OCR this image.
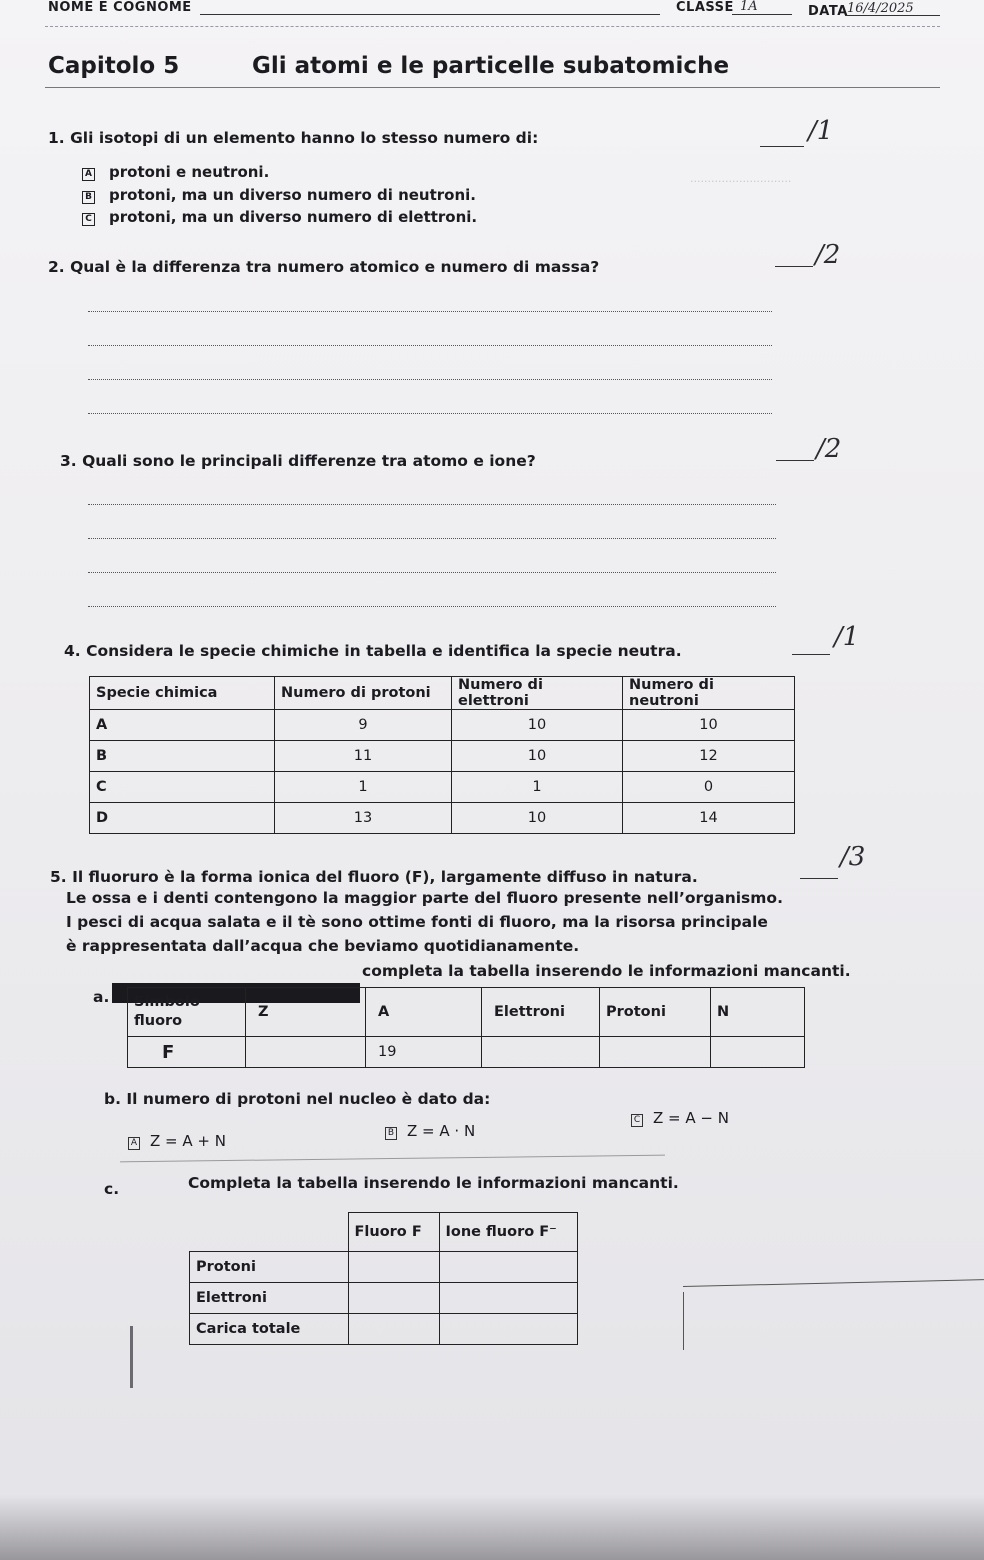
·····························
NOME E COGNOME	CLASSE 1A	DATA 16/4/2025
Capitolo 5	Gli atomi e le particelle subatomiche
1. Gli isotopi di un elemento hanno lo stesso numero di:	/1
A protoni e neutroni.
B protoni, ma un diverso numero di neutroni.
C protoni, ma un diverso numero di elettroni.
2. Qual è la differenza tra numero atomico e numero di massa?	/2
3. Quali sono le principali differenze tra atomo e ione?	/2
4. Considera le specie chimiche in tabella e identifica la specie neutra.	/1
Specie chimica	Numero di protoni	Numero di elettroni	Numero di neutroni
A	9	10	10
B	11	10	12
C	1	1	0
D	13	10	14
5. Il fluoruro è la forma ionica del fluoro (F), largamente diffuso in natura.
Le ossa e i denti contengono la maggior parte del fluoro presente nell’organismo.
I pesci di acqua salata e il tè sono ottime fonti di fluoro, ma la risorsa principale
è rappresentata dall’acqua che beviamo quotidianamente.
/3
a.
completa la tabella inserendo le informazioni mancanti.
Simbolo fluoro	Z	A	Elettroni	Protoni	N
F		19			
b. Il numero di protoni nel nucleo è dato da:
A Z = A + N	B Z = A · N
C Z = A − N
c.	Completa la tabella inserendo le informazioni mancanti.
	Fluoro F	Ione fluoro F⁻
Protoni		
Elettroni		
Carica totale		
